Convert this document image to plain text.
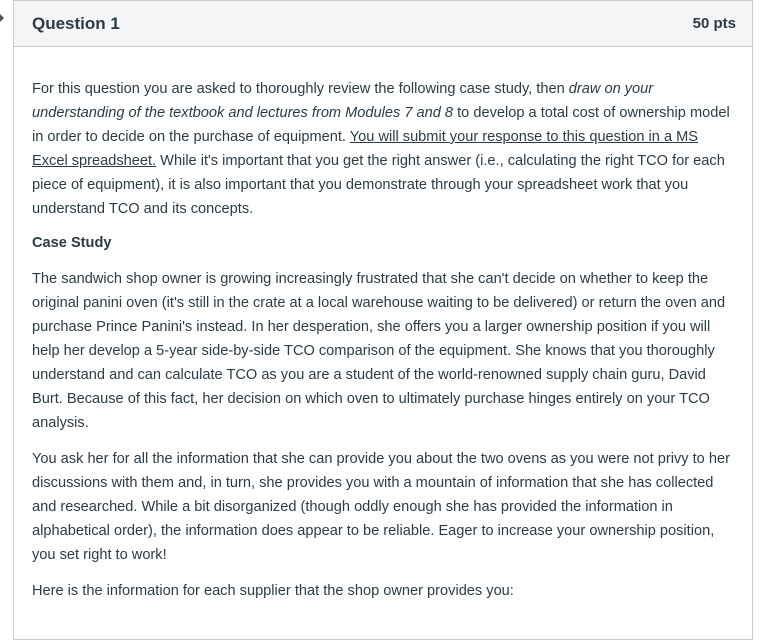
Question 1	50 pts

For this question you are asked to thoroughly review the following case study, then draw on your understanding of the textbook and lectures from Modules 7 and 8 to develop a total cost of ownership model in order to decide on the purchase of equipment. You will submit your response to this question in a MS Excel spreadsheet. While it's important that you get the right answer (i.e., calculating the right TCO for each piece of equipment), it is also important that you demonstrate through your spreadsheet work that you understand TCO and its concepts.

Case Study

The sandwich shop owner is growing increasingly frustrated that she can't decide on whether to keep the original panini oven (it's still in the crate at a local warehouse waiting to be delivered) or return the oven and purchase Prince Panini's instead. In her desperation, she offers you a larger ownership position if you will help her develop a 5-year side-by-side TCO comparison of the equipment. She knows that you thoroughly understand and can calculate TCO as you are a student of the world-renowned supply chain guru, David Burt. Because of this fact, her decision on which oven to ultimately purchase hinges entirely on your TCO analysis.

You ask her for all the information that she can provide you about the two ovens as you were not privy to her discussions with them and, in turn, she provides you with a mountain of information that she has collected and researched. While a bit disorganized (though oddly enough she has provided the information in alphabetical order), the information does appear to be reliable. Eager to increase your ownership position, you set right to work!

Here is the information for each supplier that the shop owner provides you:
